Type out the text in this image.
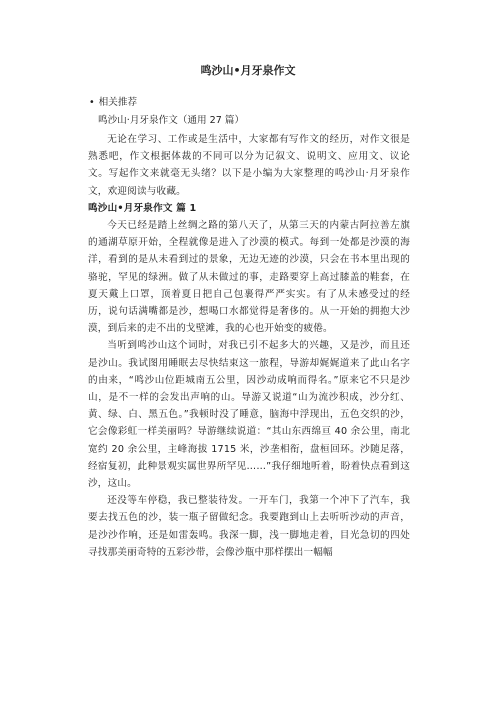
鸣沙山•月牙泉作文
• 相关推荐
鸣沙山·月牙泉作文（通用 27 篇）

无论在学习、工作或是生活中，大家都有写作文的经历，对作文很是熟悉吧，作文根据体裁的不同可以分为记叙文、说明文、应用文、议论文。写起作文来就毫无头绪？以下是小编为大家整理的鸣沙山·月牙泉作文，欢迎阅读与收藏。

鸣沙山•月牙泉作文 篇 1

今天已经是踏上丝绸之路的第八天了，从第三天的内蒙古阿拉善左旗的通湖草原开始，全程就像是进入了沙漠的模式。每到一处都是沙漠的海洋，看到的是从未看到过的景象，无边无迹的沙漠，只会在书本里出现的骆驼，罕见的绿洲。做了从未做过的事，走路要穿上高过膝盖的鞋套，在夏天戴上口罩，顶着夏日把自己包裹得严严实实。有了从未感受过的经历，说句话满嘴都是沙，想喝口水都觉得是奢侈的。从一开始的拥抱大沙漠，到后来的走不出的戈壁滩，我的心也开始变的疲倦。

当听到鸣沙山这个词时，对我已引不起多大的兴趣，又是沙，而且还是沙山。我试图用睡眠去尽快结束这一旅程，导游却娓娓道来了此山名字的由来，“鸣沙山位距城南五公里，因沙动成响而得名。”原来它不只是沙山，是不一样的会发出声响的山。导游又说道“山为流沙积成，沙分红、黄、绿、白、黑五色。”我顿时没了睡意，脑海中浮现出，五色交织的沙，它会像彩虹一样美丽吗？导游继续说道：“其山东西绵亘 40 余公里，南北宽约 20 余公里，主峰海拔 1715 米，沙垄相衔，盘桓回环。沙随足落，经宿复初，此种景观实属世界所罕见……”我仔细地听着，盼着快点看到这沙，这山。

还没等车停稳，我已整装待发。一开车门，我第一个冲下了汽车，我要去找五色的沙，装一瓶子留做纪念。我要跑到山上去听听沙动的声音，是沙沙作响，还是如雷轰鸣。我深一脚，浅一脚地走着，目光急切的四处寻找那美丽奇特的五彩沙带，会像沙瓶中那样摆出一幅幅
